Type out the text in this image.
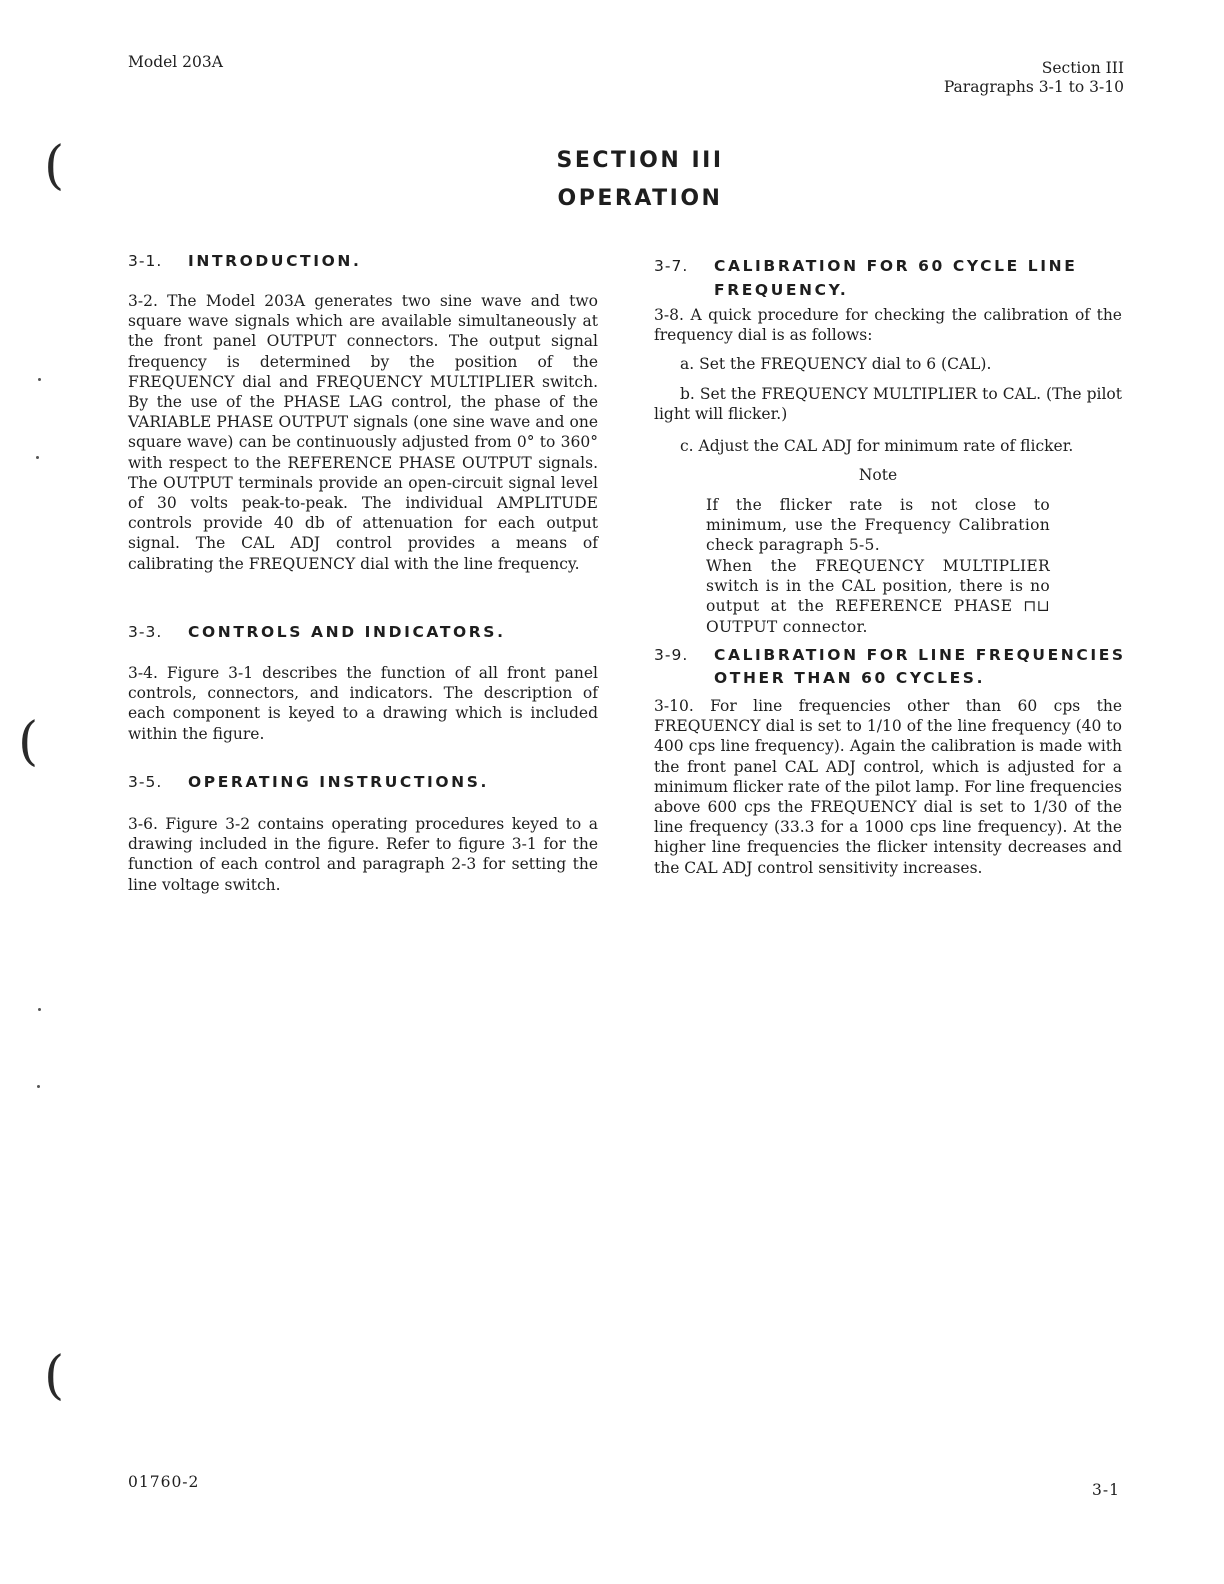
Model 203A	Section III
Paragraphs 3-1 to 3-10
(
(
(
SECTION III
OPERATION
3-1. INTRODUCTION.
3-2. The Model 203A generates two sine wave and two square wave signals which are available simultaneously at the front panel OUTPUT connectors. The output signal frequency is determined by the position of the FREQUENCY dial and FREQUENCY MULTIPLIER switch. By the use of the PHASE LAG control, the phase of the VARIABLE PHASE OUTPUT signals (one sine wave and one square wave) can be continuously adjusted from 0° to 360° with respect to the REFERENCE PHASE OUTPUT signals. The OUTPUT terminals provide an open-circuit signal level of 30 volts peak-to-peak. The individual AMPLITUDE controls provide 40 db of attenuation for each output signal. The CAL ADJ control provides a means of calibrating the FREQUENCY dial with the line frequency.
3-3. CONTROLS AND INDICATORS.
3-4. Figure 3-1 describes the function of all front panel controls, connectors, and indicators. The description of each component is keyed to a drawing which is included within the figure.
3-5. OPERATING INSTRUCTIONS.
3-6. Figure 3-2 contains operating procedures keyed to a drawing included in the figure. Refer to figure 3-1 for the function of each control and paragraph 2-3 for setting the line voltage switch.
3-7. CALIBRATION FOR 60 CYCLE LINE
FREQUENCY.
3-8. A quick procedure for checking the calibration of the frequency dial is as follows:
a. Set the FREQUENCY dial to 6 (CAL).
b. Set the FREQUENCY MULTIPLIER to CAL. (The pilot light will flicker.)
c. Adjust the CAL ADJ for minimum rate of flicker.
Note
If the flicker rate is not close to minimum, use the Frequency Calibration check paragraph 5-5.
When the FREQUENCY MULTIPLIER switch is in the CAL position, there is no output at the REFERENCE PHASE ⊓⊔ OUTPUT connector.
3-9. CALIBRATION FOR LINE FREQUENCIES
OTHER THAN 60 CYCLES.
3-10. For line frequencies other than 60 cps the FREQUENCY dial is set to 1/10 of the line frequency (40 to 400 cps line frequency). Again the calibration is made with the front panel CAL ADJ control, which is adjusted for a minimum flicker rate of the pilot lamp. For line frequencies above 600 cps the FREQUENCY dial is set to 1/30 of the line frequency (33.3 for a 1000 cps line frequency). At the higher line frequencies the flicker intensity decreases and the CAL ADJ control sensitivity increases.
01760-2	3-1
